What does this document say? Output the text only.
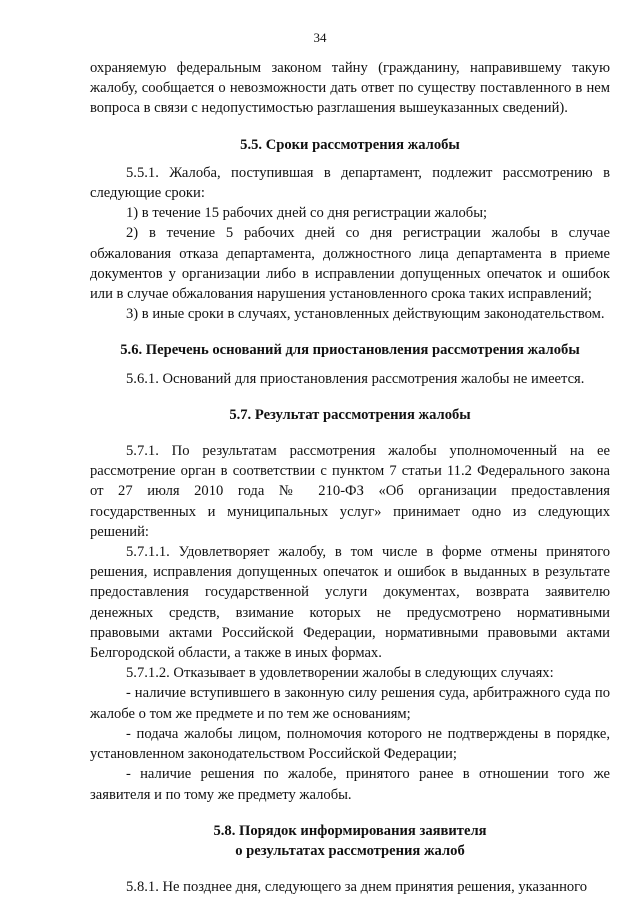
34

охраняемую федеральным законом тайну (гражданину, направившему такую жалобу, сообщается о невозможности дать ответ по существу поставленного в нем вопроса в связи с недопустимостью разглашения вышеуказанных сведений).

5.5. Сроки рассмотрения жалобы

5.5.1. Жалоба, поступившая в департамент, подлежит рассмотрению в следующие сроки:

1) в течение 15 рабочих дней со дня регистрации жалобы;

2) в течение 5 рабочих дней со дня регистрации жалобы в случае обжалования отказа департамента, должностного лица департамента в приеме документов у организации либо в исправлении допущенных опечаток и ошибок или в случае обжалования нарушения установленного срока таких исправлений;

3) в иные сроки в случаях, установленных действующим законодательством.

5.6. Перечень оснований для приостановления рассмотрения жалобы

5.6.1. Оснований для приостановления рассмотрения жалобы не имеется.

5.7. Результат рассмотрения жалобы

5.7.1. По результатам рассмотрения жалобы уполномоченный на ее рассмотрение орган в соответствии с пунктом 7 статьи 11.2 Федерального закона от 27 июля 2010 года № 210-ФЗ «Об организации предоставления государственных и муниципальных услуг» принимает одно из следующих решений:

5.7.1.1. Удовлетворяет жалобу, в том числе в форме отмены принятого решения, исправления допущенных опечаток и ошибок в выданных в результате предоставления государственной услуги документах, возврата заявителю денежных средств, взимание которых не предусмотрено нормативными правовыми актами Российской Федерации, нормативными правовыми актами Белгородской области, а также в иных формах.

5.7.1.2. Отказывает в удовлетворении жалобы в следующих случаях:

- наличие вступившего в законную силу решения суда, арбитражного суда по жалобе о том же предмете и по тем же основаниям;

- подача жалобы лицом, полномочия которого не подтверждены в порядке, установленном законодательством Российской Федерации;

- наличие решения по жалобе, принятого ранее в отношении того же заявителя и по тому же предмету жалобы.

5.8. Порядок информирования заявителя
о результатах рассмотрения жалоб

5.8.1. Не позднее дня, следующего за днем принятия решения, указанного
